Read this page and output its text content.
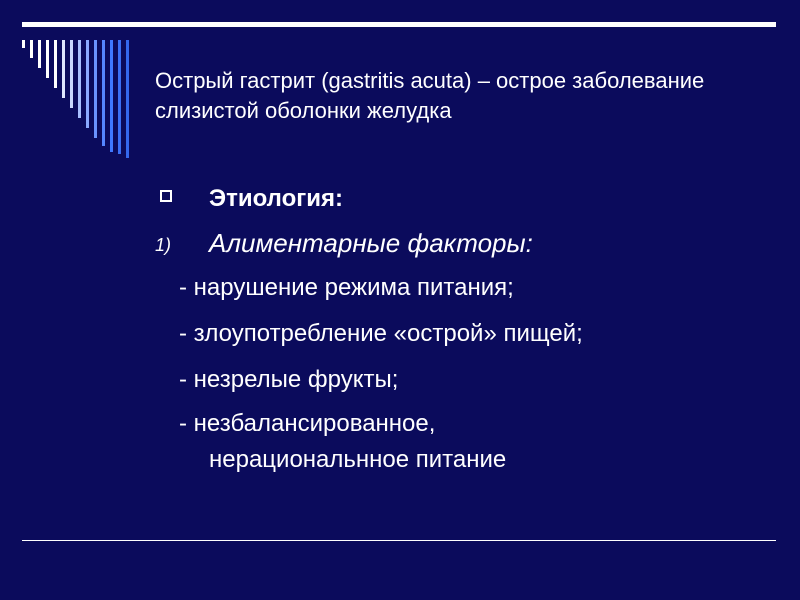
Острый гастрит (gastritis acuta) – острое заболевание слизистой оболонки желудка
Этиология:
1) Алиментарные факторы:
- нарушение режима питания;
- злоупотребление «острой» пищей;
- незрелые фрукты;
- незбалансированное,
нерациональнное питание
